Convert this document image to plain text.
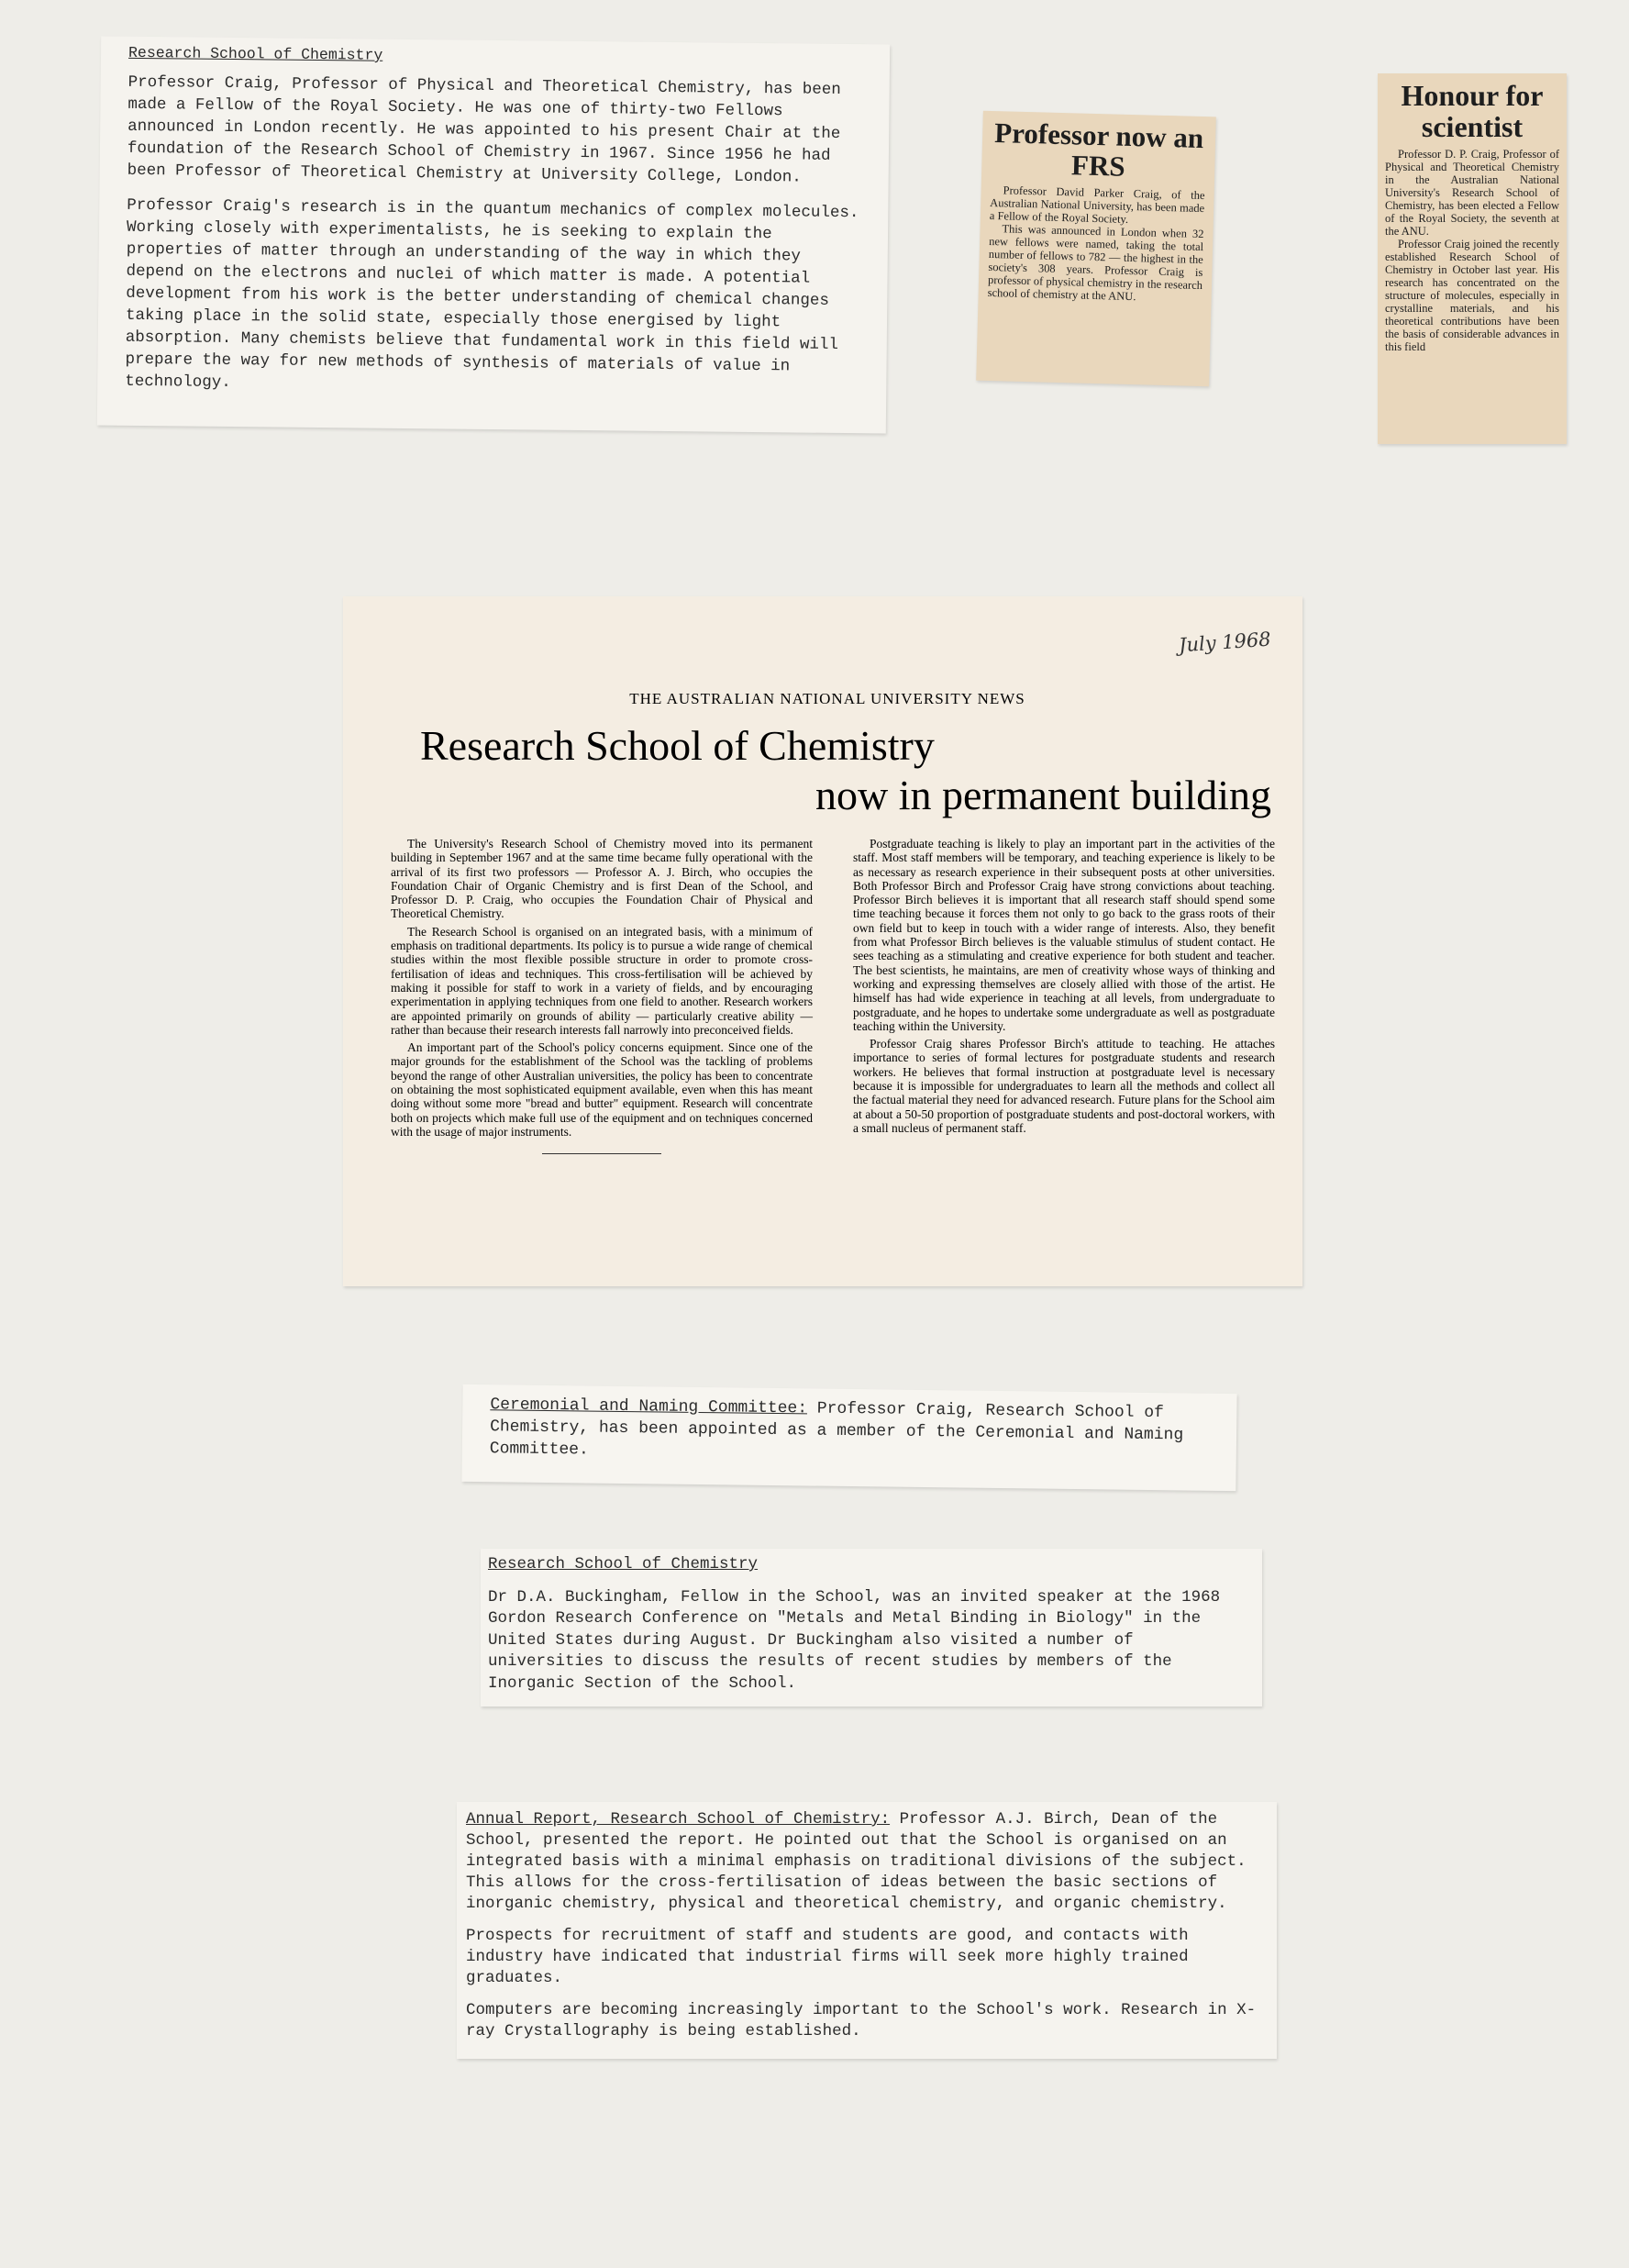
Research School of Chemistry

Professor Craig, Professor of Physical and Theoretical Chemistry, has been made a Fellow of the Royal Society. He was one of thirty-two Fellows announced in London recently. He was appointed to his present Chair at the foundation of the Research School of Chemistry in 1967. Since 1956 he had been Professor of Theoretical Chemistry at University College, London.

Professor Craig's research is in the quantum mechanics of complex molecules. Working closely with experimentalists, he is seeking to explain the properties of matter through an understanding of the way in which they depend on the electrons and nuclei of which matter is made. A potential development from his work is the better understanding of chemical changes taking place in the solid state, especially those energised by light absorption. Many chemists believe that fundamental work in this field will prepare the way for new methods of synthesis of materials of value in technology.

Professor now an FRS

Professor David Parker Craig, of the Australian National University, has been made a Fellow of the Royal Society.

This was announced in London when 32 new fellows were named, taking the total number of fellows to 782 — the highest in the society's 308 years. Professor Craig is professor of physical chemistry in the research school of chemistry at the ANU.

Honour for scientist

Professor D. P. Craig, Professor of Physical and Theoretical Chemistry in the Australian National University's Research School of Chemistry, has been elected a Fellow of the Royal Society, the seventh at the ANU.

Professor Craig joined the recently established Research School of Chemistry in October last year. His research has concentrated on the structure of molecules, especially in crystalline materials, and his theoretical contributions have been the basis of considerable advances in this field

July 1968
THE AUSTRALIAN NATIONAL UNIVERSITY NEWS
Research School of Chemistry
now in permanent building

The University's Research School of Chemistry moved into its permanent building in September 1967 and at the same time became fully operational with the arrival of its first two professors — Professor A. J. Birch, who occupies the Foundation Chair of Organic Chemistry and is first Dean of the School, and Professor D. P. Craig, who occupies the Foundation Chair of Physical and Theoretical Chemistry.

The Research School is organised on an integrated basis, with a minimum of emphasis on traditional departments. Its policy is to pursue a wide range of chemical studies within the most flexible possible structure in order to promote cross-fertilisation of ideas and techniques. This cross-fertilisation will be achieved by making it possible for staff to work in a variety of fields, and by encouraging experimentation in applying techniques from one field to another. Research workers are appointed primarily on grounds of ability — particularly creative ability — rather than because their research interests fall narrowly into preconceived fields.

An important part of the School's policy concerns equipment. Since one of the major grounds for the establishment of the School was the tackling of problems beyond the range of other Australian universities, the policy has been to concentrate on obtaining the most sophisticated equipment available, even when this has meant doing without some more "bread and butter" equipment. Research will concentrate both on projects which make full use of the equipment and on techniques concerned with the usage of major instruments.

Postgraduate teaching is likely to play an important part in the activities of the staff. Most staff members will be temporary, and teaching experience is likely to be as necessary as research experience in their subsequent posts at other universities. Both Professor Birch and Professor Craig have strong convictions about teaching. Professor Birch believes it is important that all research staff should spend some time teaching because it forces them not only to go back to the grass roots of their own field but to keep in touch with a wider range of interests. Also, they benefit from what Professor Birch believes is the valuable stimulus of student contact. He sees teaching as a stimulating and creative experience for both student and teacher. The best scientists, he maintains, are men of creativity whose ways of thinking and working and expressing themselves are closely allied with those of the artist. He himself has had wide experience in teaching at all levels, from undergraduate to postgraduate, and he hopes to undertake some undergraduate as well as postgraduate teaching within the University.

Professor Craig shares Professor Birch's attitude to teaching. He attaches importance to series of formal lectures for postgraduate students and research workers. He believes that formal instruction at postgraduate level is necessary because it is impossible for undergraduates to learn all the methods and collect all the factual material they need for advanced research. Future plans for the School aim at about a 50-50 proportion of postgraduate students and post-doctoral workers, with a small nucleus of permanent staff.

Ceremonial and Naming Committee: Professor Craig, Research School of Chemistry, has been appointed as a member of the Ceremonial and Naming Committee.

Research School of Chemistry

Dr D.A. Buckingham, Fellow in the School, was an invited speaker at the 1968 Gordon Research Conference on "Metals and Metal Binding in Biology" in the United States during August. Dr Buckingham also visited a number of universities to discuss the results of recent studies by members of the Inorganic Section of the School.

Annual Report, Research School of Chemistry: Professor A.J. Birch, Dean of the School, presented the report. He pointed out that the School is organised on an integrated basis with a minimal emphasis on traditional divisions of the subject. This allows for the cross-fertilisation of ideas between the basic sections of inorganic chemistry, physical and theoretical chemistry, and organic chemistry.

Prospects for recruitment of staff and students are good, and contacts with industry have indicated that industrial firms will seek more highly trained graduates.

Computers are becoming increasingly important to the School's work. Research in X-ray Crystallography is being established.
